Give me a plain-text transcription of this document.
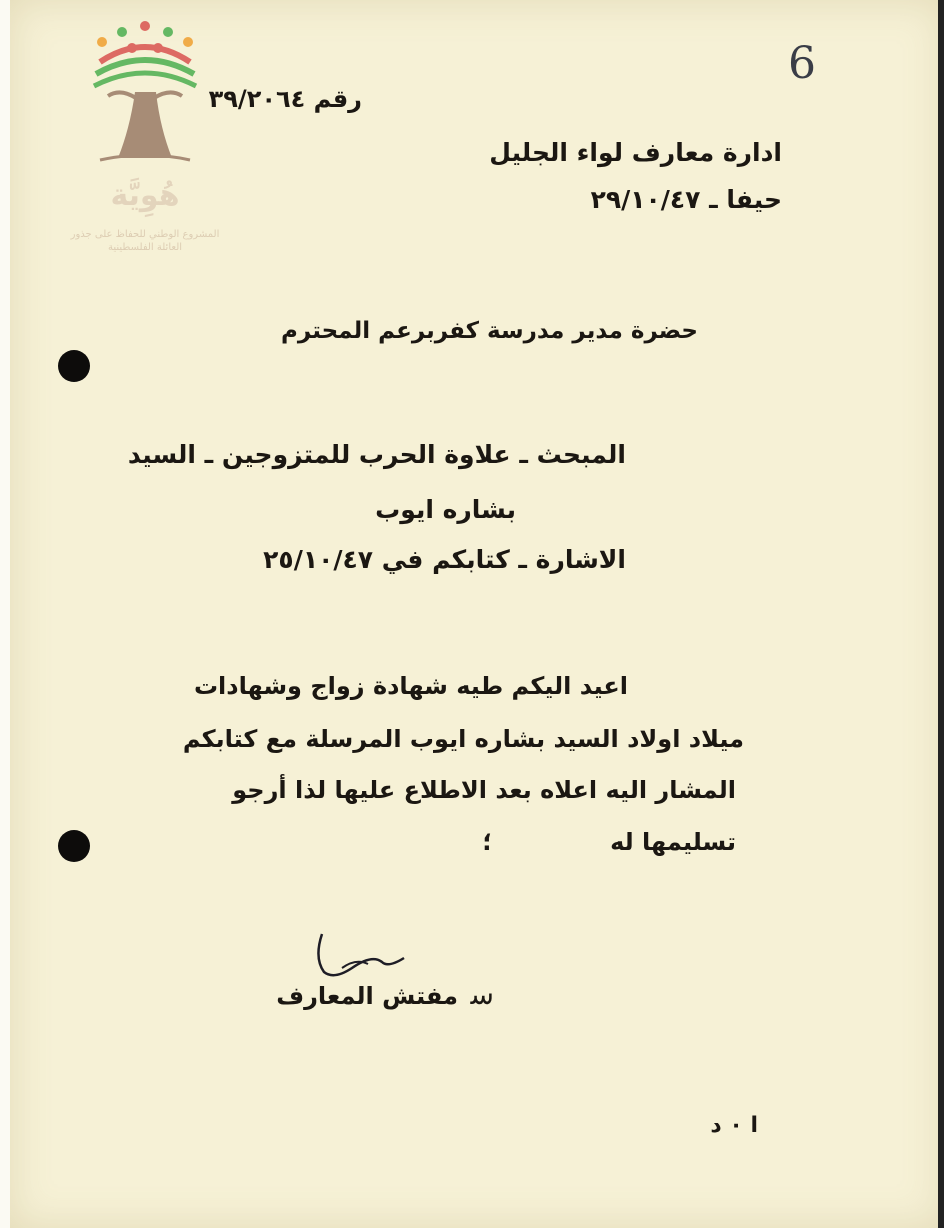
هُوِيَّة
المشروع الوطني للحفاظ على جذور العائلة الفلسطينية
6
رقم ٣٩/٢٠٦٤
ادارة معارف لواء الجليل
حيفا ـ ٢٩/١٠/٤٧
حضرة مدير مدرسة كفربرعم المحترم
المبحث ـ علاوة الحرب للمتزوجين ـ السيد
بشاره ايوب
الاشارة ـ كتابكم في ٢٥/١٠/٤٧
اعيد اليكم طيه شهادة زواج وشهادات
ميلاد اولاد السيد بشاره ايوب المرسلة مع كتابكم
المشار اليه اعلاه بعد الاطلاع عليها لذا أرجو
تسليمها له
؛
مفتش المعارف ﺳ
ا ٠ د
